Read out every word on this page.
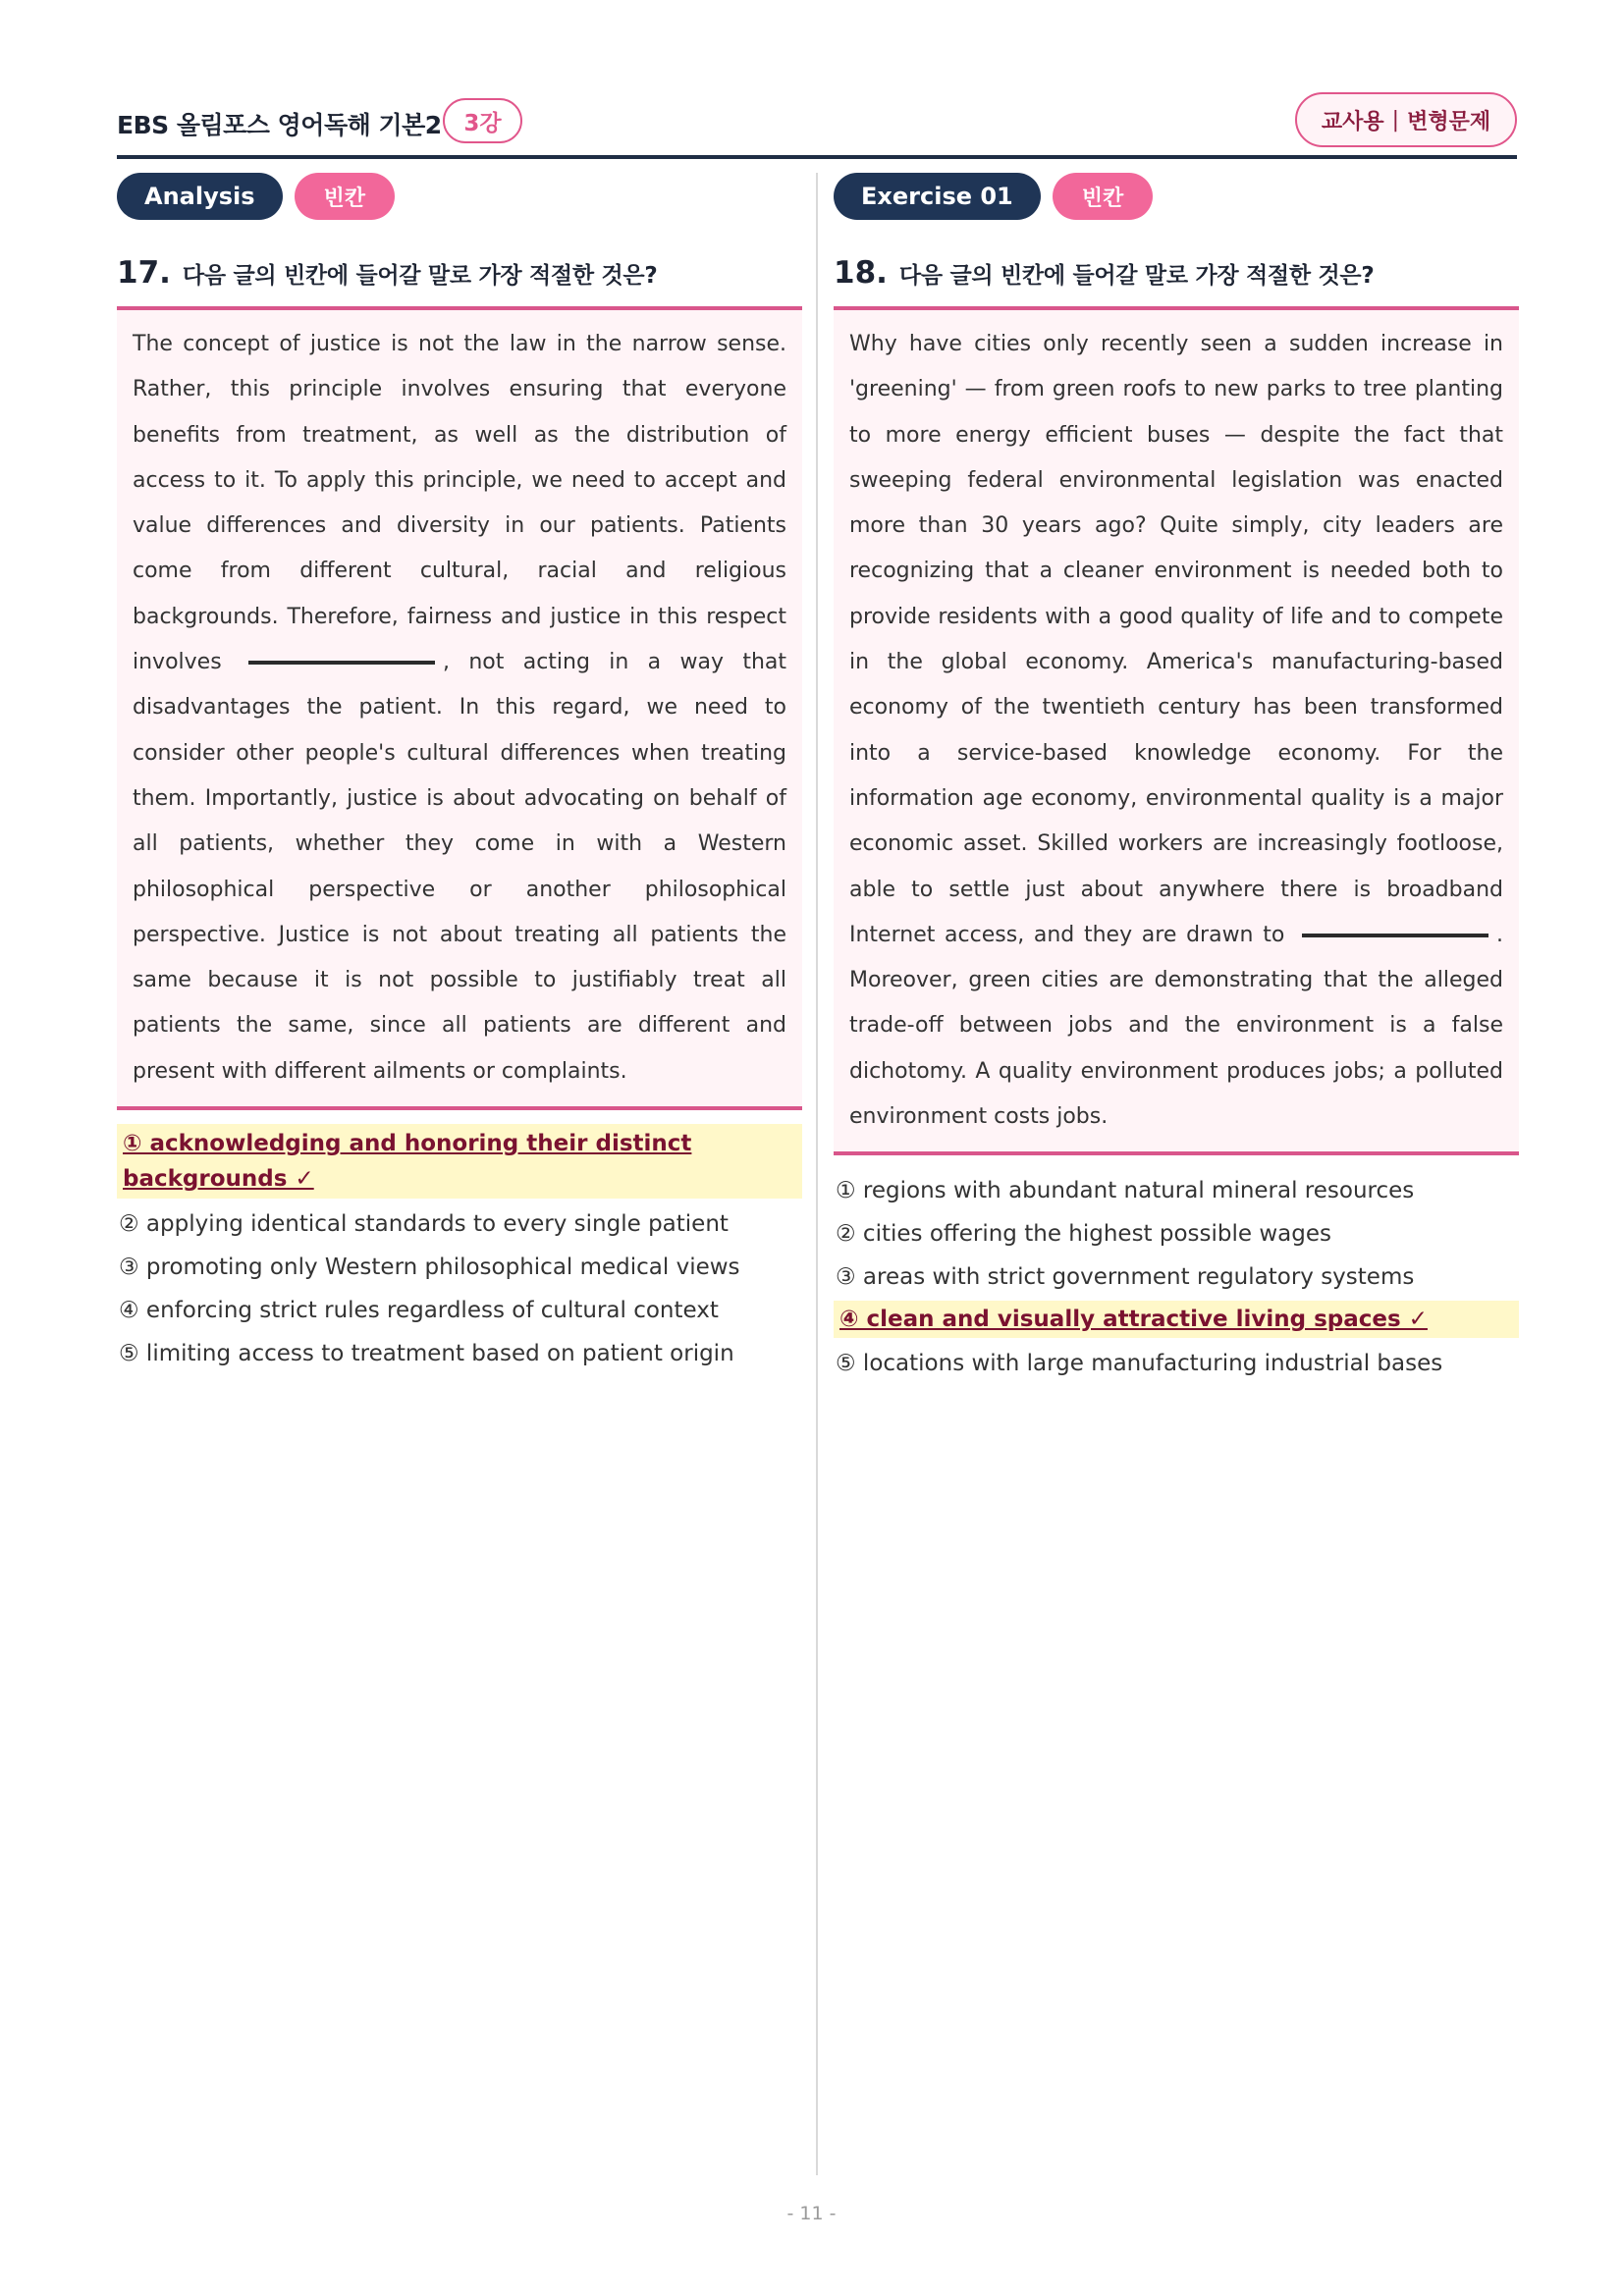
EBS 올림포스 영어독해 기본2 3강	교사용 | 변형문제
Analysis	빈칸
17. 다음 글의 빈칸에 들어갈 말로 가장 적절한 것은?
The concept of justice is not the law in the narrow sense. Rather, this principle involves ensuring that everyone benefits from treatment, as well as the distribution of access to it. To apply this principle, we need to accept and value differences and diversity in our patients. Patients come from different cultural, racial and religious backgrounds. Therefore, fairness and justice in this respect involves	, not acting in a way that disadvantages the patient. In this regard, we need to consider other people's cultural differences when treating them. Importantly, justice is about advocating on behalf of all patients, whether they come in with a Western philosophical perspective or another philosophical perspective. Justice is not about treating all patients the same because it is not possible to justifiably treat all patients the same, since all patients are different and present with different ailments or complaints.
① acknowledging and honoring their distinct backgrounds ✓
② applying identical standards to every single patient
③ promoting only Western philosophical medical views
④ enforcing strict rules regardless of cultural context
⑤ limiting access to treatment based on patient origin
Exercise 01	빈칸
18. 다음 글의 빈칸에 들어갈 말로 가장 적절한 것은?
Why have cities only recently seen a sudden increase in 'greening' — from green roofs to new parks to tree planting to more energy efficient buses — despite the fact that sweeping federal environmental legislation was enacted more than 30 years ago? Quite simply, city leaders are recognizing that a cleaner environment is needed both to provide residents with a good quality of life and to compete in the global economy. America's manufacturing-based economy of the twentieth century has been transformed into a service-based knowledge economy. For the information age economy, environmental quality is a major economic asset. Skilled workers are increasingly footloose, able to settle just about anywhere there is broadband Internet access, and they are drawn to	. Moreover, green cities are demonstrating that the alleged trade-off between jobs and the environment is a false dichotomy. A quality environment produces jobs; a polluted environment costs jobs.
① regions with abundant natural mineral resources
② cities offering the highest possible wages
③ areas with strict government regulatory systems
④ clean and visually attractive living spaces ✓
⑤ locations with large manufacturing industrial bases
- 11 -
